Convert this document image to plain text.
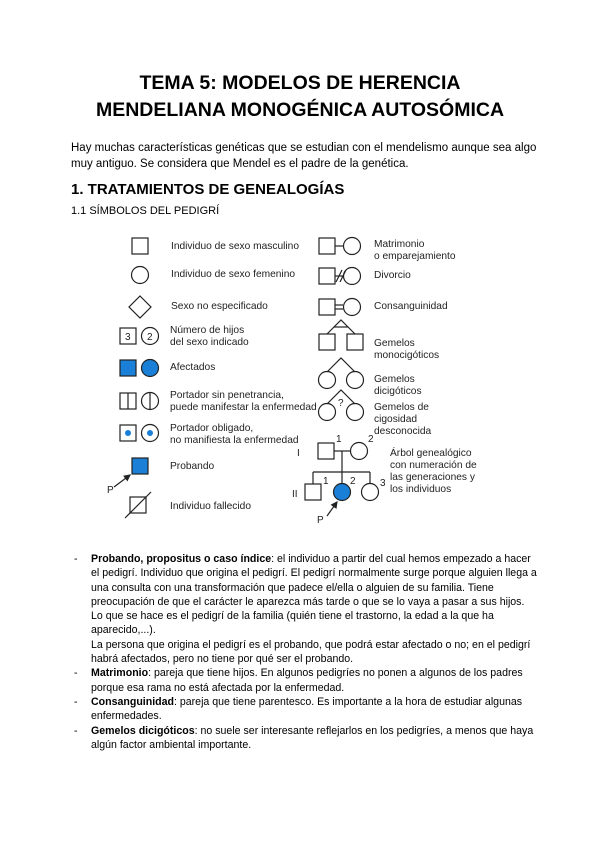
TEMA 5: MODELOS DE HERENCIA
MENDELIANA MONOGÉNICA AUTOSÓMICA

Hay muchas características genéticas que se estudian con el mendelismo aunque sea algo muy antiguo. Se considera que Mendel es el padre de la genética.

1. TRATAMIENTOS DE GENEALOGÍAS
1.1 SÍMBOLOS DEL PEDIGRÍ
3 2
?
P
P
I
II
1	2
1 2 3
Individuo de sexo masculino
Individuo de sexo femenino
Sexo no especificado
Número de hijos
del sexo indicado
Afectados
Portador sin penetrancia,
puede manifestar la enfermedad
Portador obligado,
no manifiesta la enfermedad
Probando
Individuo fallecido
Matrimonio
o emparejamiento
Divorcio
Consanguinidad
Gemelos
monocigóticos
Gemelos
dicigóticos
Gemelos de
cigosidad
desconocida
Árbol genealógico
con numeración de
las generaciones y
los individuos

- Probando, propositus o caso índice: el individuo a partir del cual hemos empezado a hacer el pedigrí. Individuo que origina el pedigrí. El pedigrí normalmente surge porque alguien llega a una consulta con una transformación que padece el/ella o alguien de su familia. Tiene preocupación de que el carácter le aparezca más tarde o que se lo vaya a pasar a sus hijos. Lo que se hace es el pedigrí de la familia (quién tiene el trastorno, la edad a la que ha aparecido,...).
La persona que origina el pedigrí es el probando, que podrá estar afectado o no; en el pedigrí habrá afectados, pero no tiene por qué ser el probando.

- Matrimonio: pareja que tiene hijos. En algunos pedigríes no ponen a algunos de los padres porque esa rama no está afectada por la enfermedad.

- Consanguinidad: pareja que tiene parentesco. Es importante a la hora de estudiar algunas enfermedades.

- Gemelos dicigóticos: no suele ser interesante reflejarlos en los pedigríes, a menos que haya algún factor ambiental importante.
